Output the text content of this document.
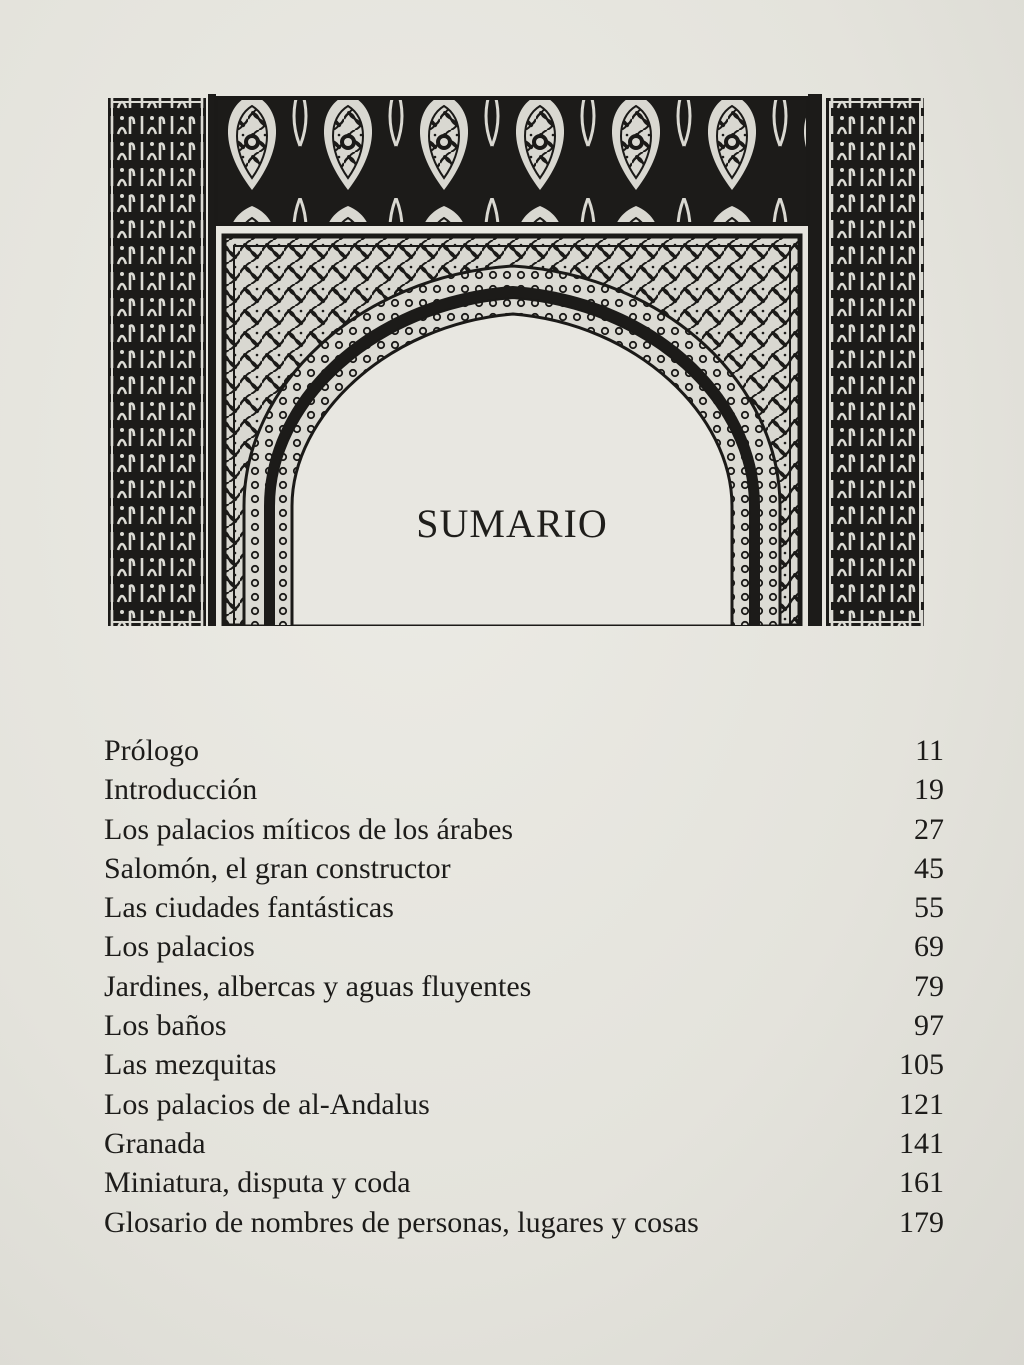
SUMARIO
Prólogo	11
Introducción	19
Los palacios míticos de los árabes	27
Salomón, el gran constructor	45
Las ciudades fantásticas	55
Los palacios	69
Jardines, albercas y aguas fluyentes	79
Los baños	97
Las mezquitas	105
Los palacios de al-Andalus	121
Granada	141
Miniatura, disputa y coda	161
Glosario de nombres de personas, lugares y cosas	179
